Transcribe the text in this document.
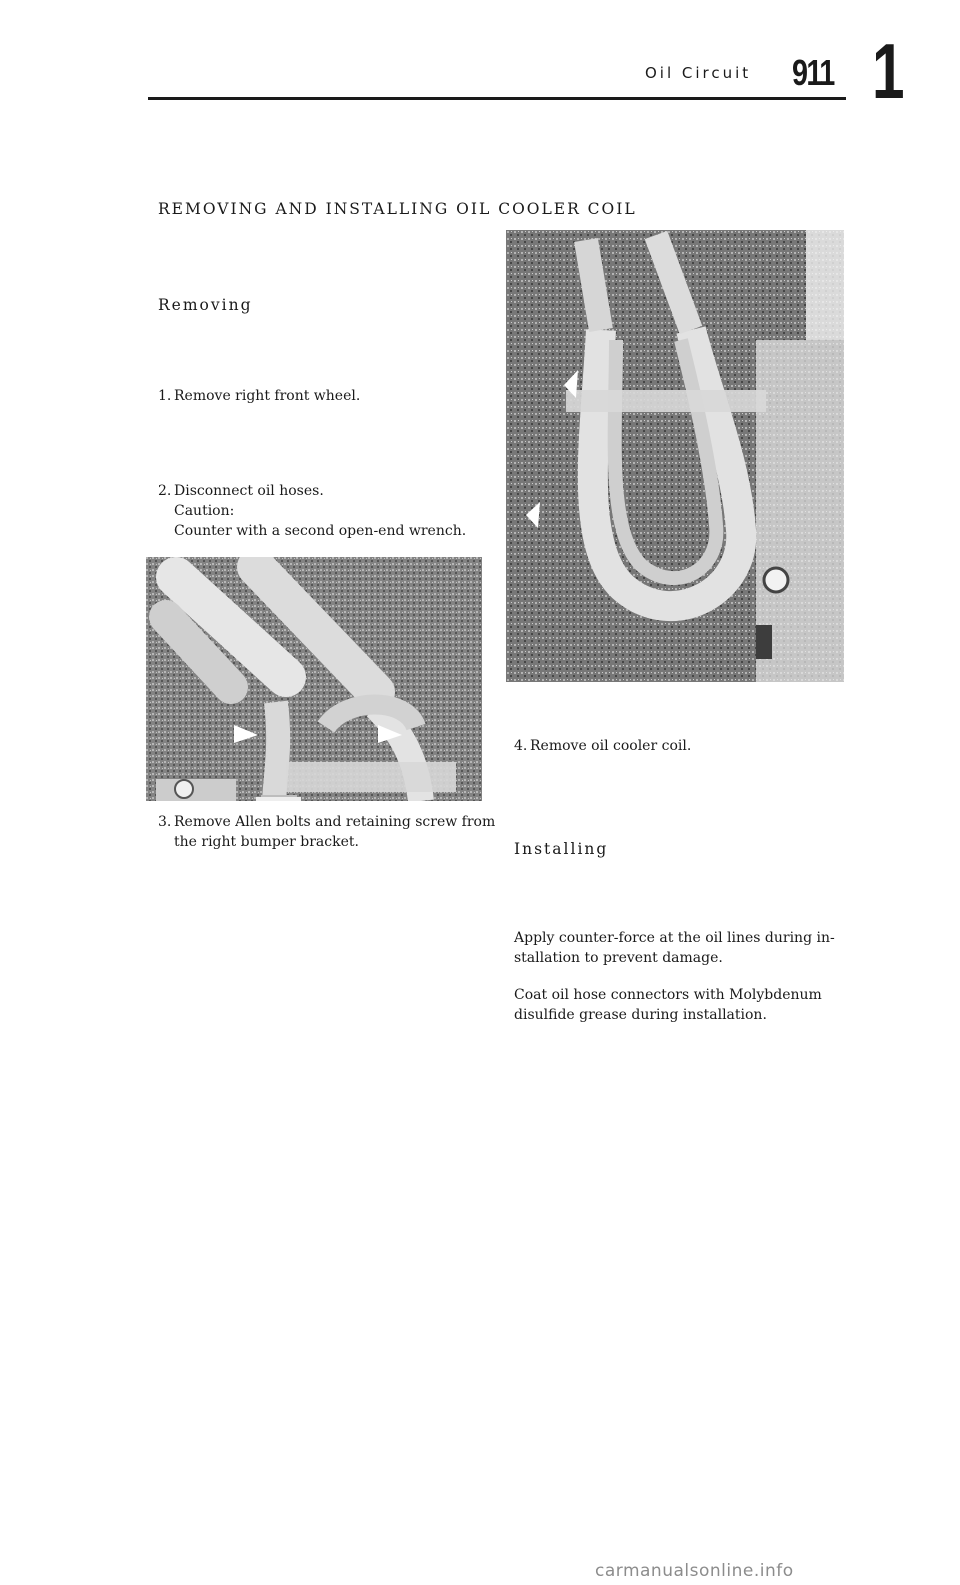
Oil Circuit 911 1
REMOVING AND INSTALLING OIL COOLER COIL
Removing
1. Remove right front wheel.
2. Disconnect oil hoses.
Caution:
Counter with a second open-end wrench.
3. Remove Allen bolts and retaining screw from
the right bumper bracket.
4. Remove oil cooler coil.
Installing
Apply counter-force at the oil lines during in-
stallation to prevent damage.
Coat oil hose connectors with Molybdenum
disulfide grease during installation.
carmanualsonline.info
